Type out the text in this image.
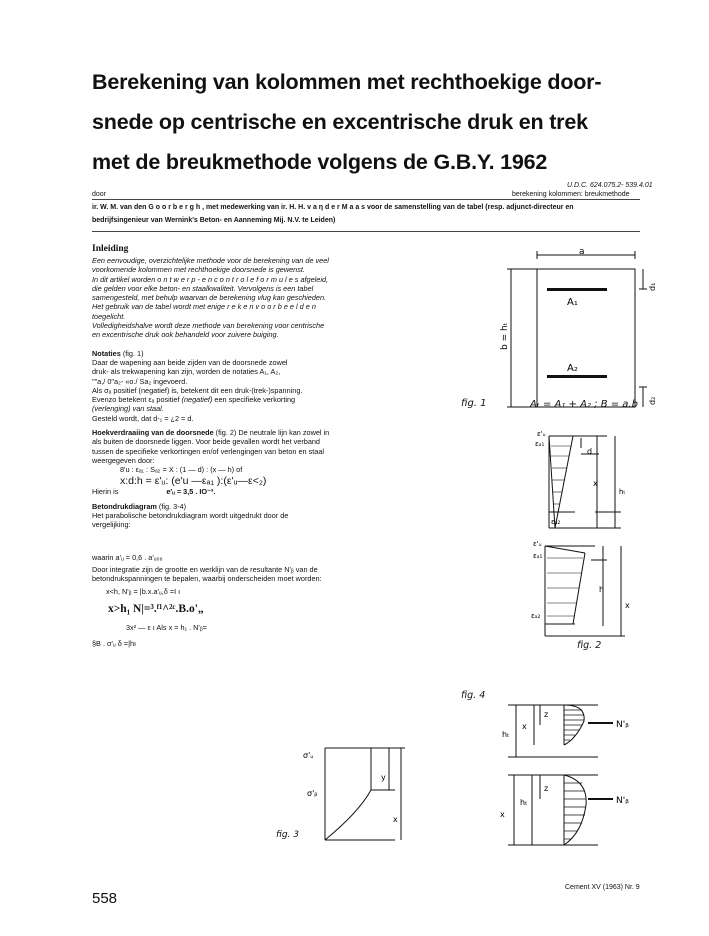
Berekening van kolommen met rechthoekige door-
snede op centrische en excentrische druk en trek
met de breukmethode volgens de G.B.Y. 1962
U.D.C. 624.075.2- 539.4.01
door	berekening kolommen: breukmethode
ir. W. M. van den G o o r b e r g h , met medewerking van ir. H. H. v a η d e r M a a s voor de samenstelling van de tabel (resp. adjunct-directeur en
bedrijfsingenieur van Wernink's Beton- en Aanneming Mij. N.V. te Leiden)
Inleiding
Een eenvoudige, overzichtelijke methode voor de berekening van de veel
voorkomende kolommen met rechthoekige doorsnede is gewenst.
In dit artikel worden o n t w e r p - e n c o n t r o l e f o r m u l e s afgeleid,
die gelden voor elke beton- en staalkwaliteit. Vervolgens is een tabel
samengesteld, met behulp waarvan de berekening vlug kan geschieden.
Het gebruik van de tabel wordt met enige r e k e n v o o r b e e l d e n
toegelicht.
Volledigheidshalve wordt deze methode van berekening voor centrische
en excentrische druk ook behandeld voor zuivere buiging.
Notaties (fig. 1)
Daar de wapening aan beide zijden van de doorsnede zowel
druk- als trekwapening kan zijn, worden de notaties A₁, A₂,
""a,/ 0"a₂- «o./ Sa₂ ingevoerd.
Als σₐ positief (negatief) is, betekent dit een druk-(trek-)spanning.
Evenzo betekent εₐ positief (negatief) een specifieke verkorting
(verlenging) van staal.
Gesteld wordt, dat d-₁ = ¿2 = d.
Hoekverdraaiing van de doorsnede (fig. 2) De neutrale lijn kan zowel in
als buiten de doorsnede liggen. Voor beide gevallen wordt het verband
tussen de specifieke verkortingen en/of verlengingen van beton en staal
weergegeven door:
8'u : εₐ₁ : Sₐ₂ = X : (1 — d) : (x — h) of
x:d:h = ε'ᵤ: (e'u —εₐ₁ ):(ε'ᵤ—ε<₂)
Hierin is	e'ᵤ = 3,5 . IO⁻³.
Betondrukdiagram (fig. 3-4)
Het parabolische betondrukdiagram wordt uitgedrukt door de
vergelijking:
waarin a'ᵤ = 0,6 . a'ᵤ₀₈
Door integratie zijn de grootte en werklijn van de resultante N'ᵦ van de
betondrukspanningen te bepalen, waarbij onderscheiden moet worden:
x<h, N'ᵦ = |b.x.a'ᵤ,δ =I ı
x>h₁ N|=³.ᶠ¹^²ᶜ.B.o'„
3x² — ε ı Als x = h₁ . N'ᵦ=
§B . σ'ᵤ δ =|hı
a
A₁
A₂
b = hₜ
d₁
d₂
fig. 1	Aₜ = A₁ + A₂ ; B = a.b
ε'ᵤ
εₐ₁
εₐ₂
d
x
hₜ
ε'ᵤ
εₐ₁
εₐ₂
h
x
fig. 2
fig. 4
hₜ
x
z
N'ᵦ
x
hₜ
z
N'ᵦ
σ'ᵤ
σ'ᵦ
y
x
fig. 3
Cement XV (1963) Nr. 9
558
